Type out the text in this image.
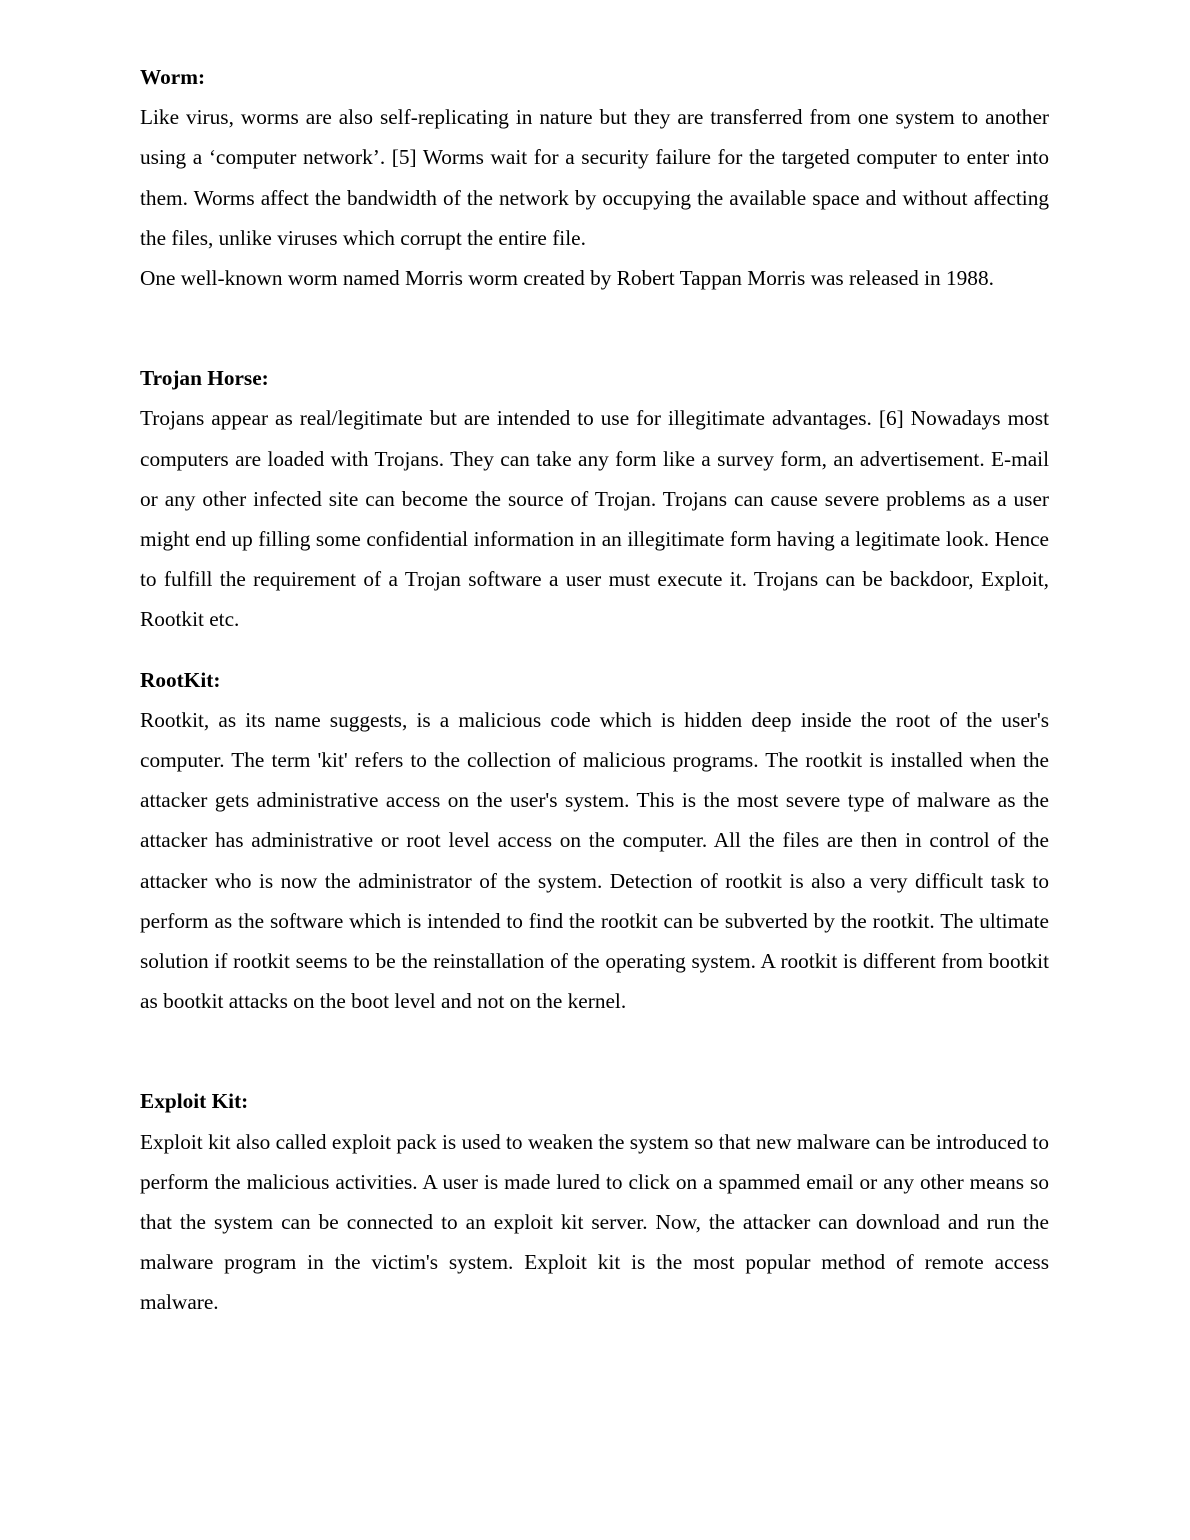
Worm:

Like virus, worms are also self-replicating in nature but they are transferred from one system to another using a ‘computer network’. [5] Worms wait for a security failure for the targeted computer to enter into them. Worms affect the bandwidth of the network by occupying the available space and without affecting the files, unlike viruses which corrupt the entire file.

One well-known worm named Morris worm created by Robert Tappan Morris was released in 1988.

Trojan Horse:

Trojans appear as real/legitimate but are intended to use for illegitimate advantages. [6] Nowadays most computers are loaded with Trojans. They can take any form like a survey form, an advertisement. E-mail or any other infected site can become the source of Trojan. Trojans can cause severe problems as a user might end up filling some confidential information in an illegitimate form having a legitimate look. Hence to fulfill the requirement of a Trojan software a user must execute it. Trojans can be backdoor, Exploit, Rootkit etc.

RootKit:

Rootkit, as its name suggests, is a malicious code which is hidden deep inside the root of the user's computer. The term 'kit' refers to the collection of malicious programs. The rootkit is installed when the attacker gets administrative access on the user's system. This is the most severe type of malware as the attacker has administrative or root level access on the computer. All the files are then in control of the attacker who is now the administrator of the system. Detection of rootkit is also a very difficult task to perform as the software which is intended to find the rootkit can be subverted by the rootkit. The ultimate solution if rootkit seems to be the reinstallation of the operating system. A rootkit is different from bootkit as bootkit attacks on the boot level and not on the kernel.

Exploit Kit:

Exploit kit also called exploit pack is used to weaken the system so that new malware can be introduced to perform the malicious activities. A user is made lured to click on a spammed email or any other means so that the system can be connected to an exploit kit server. Now, the attacker can download and run the malware program in the victim's system. Exploit kit is the most popular method of remote access malware.
